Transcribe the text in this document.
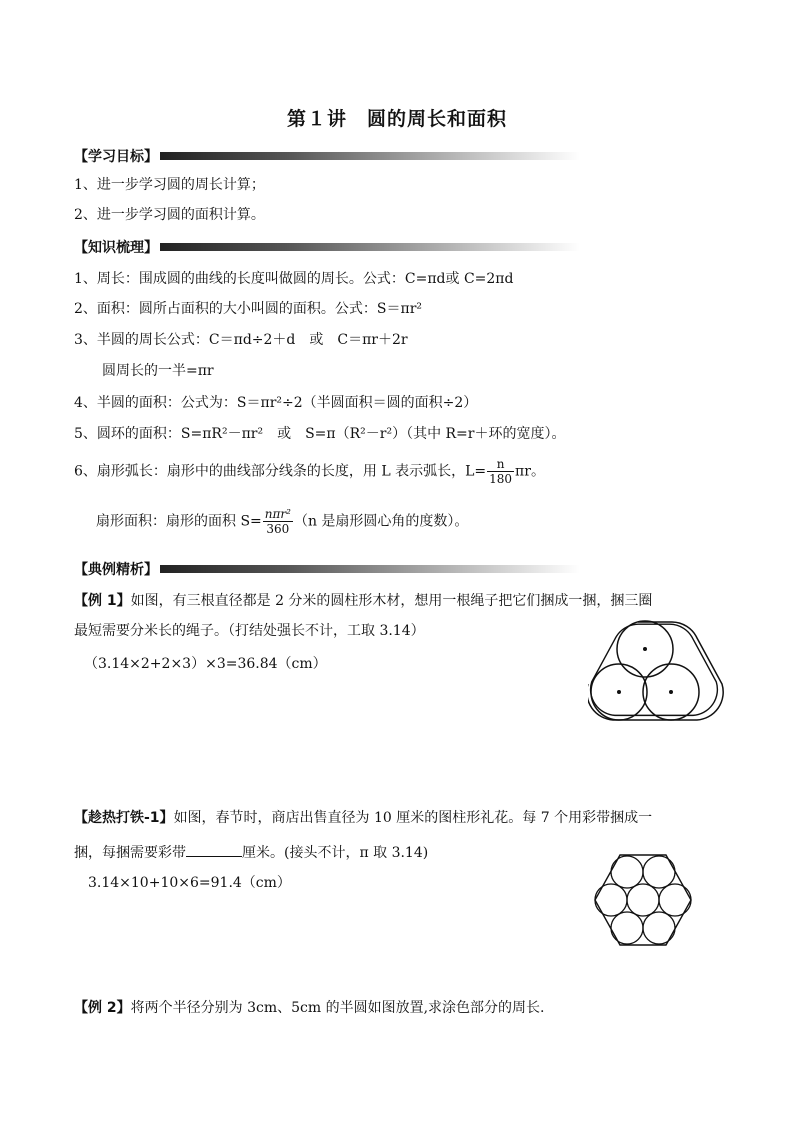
第１讲　圆的周长和面积
【学习目标】
1、进一步学习圆的周长计算；
2、进一步学习圆的面积计算。
【知识梳理】
1、周长：围成圆的曲线的长度叫做圆的周长。公式：C=πd或 C=2πd
2、面积：圆所占面积的大小叫圆的面积。公式：S＝πr²
3、半圆的周长公式：C＝πd÷2＋d　或　C＝πr＋2r
圆周长的一半=πr
4、半圆的面积：公式为：S＝πr²÷2（半圆面积＝圆的面积÷2）
5、圆环的面积：S=πR²－πr²　或　S=π（R²－r²）（其中 R=r＋环的宽度）。
6、扇形弧长：扇形中的曲线部分线条的长度，用 L 表示弧长，$L= \frac{n}{180}$ πr。
扇形面积：扇形的面积 $S= \frac{\text{nπr²}}{360} (n$ 是扇形圆心角的度数）。
【典例精析】
【例 1】如图，有三根直径都是 2 分米的圆柱形木材，想用一根绳子把它们捆成一捆，捆三圈
最短需要分米长的绳子。（打结处强长不计，工取 3.14）
（3.14×2+2×3）×3=36.84（cm）
【趁热打铁-1】如图，春节时，商店出售直径为 10 厘米的图柱形礼花。每 7 个用彩带捆成一
捆，每捆需要彩带	厘米。(接头不计，π 取 3.14)
3.14×10+10×6=91.4（cm）
【例 2】将两个半径分别为 3cm、5cm 的半圆如图放置,求涂色部分的周长.
